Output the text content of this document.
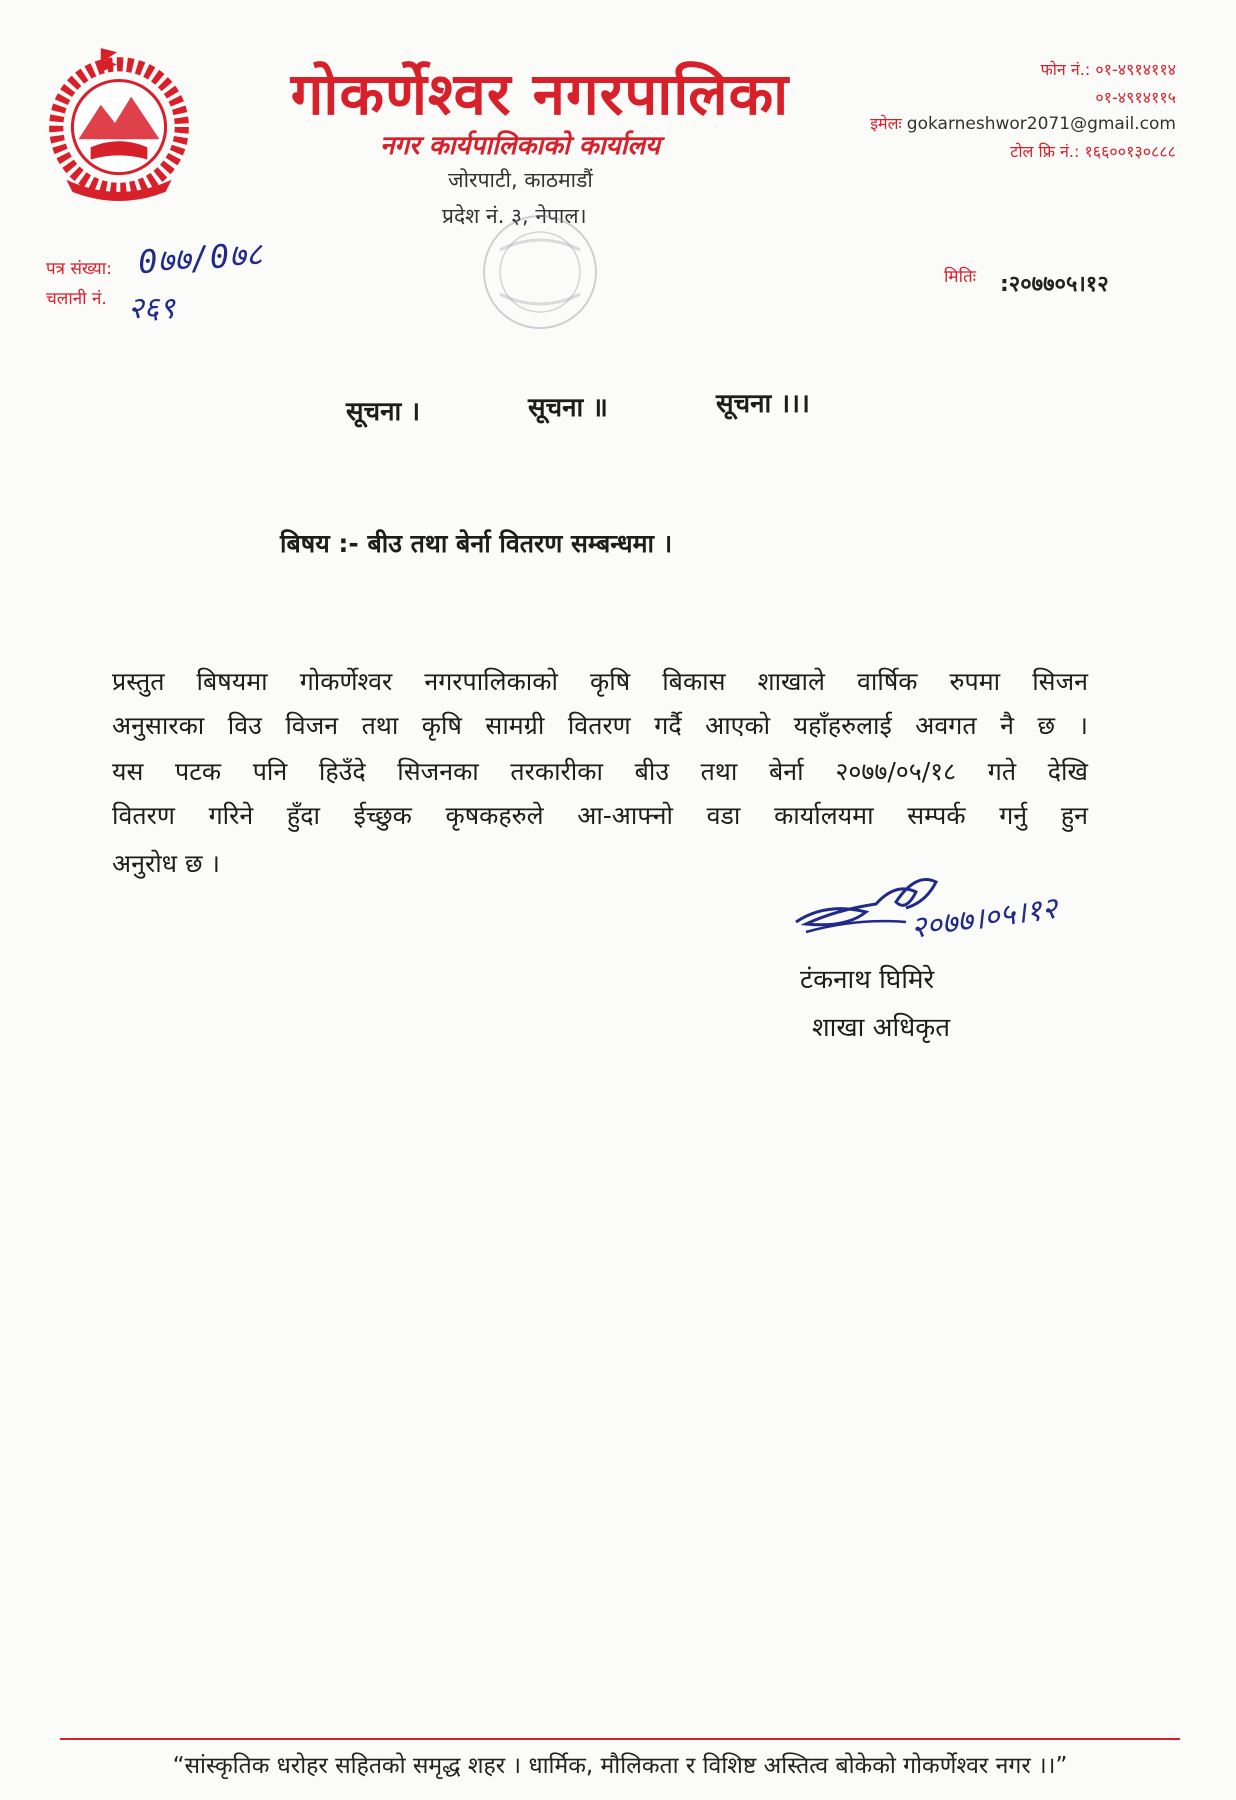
गोकर्णेश्वर नगरपालिका
नगर कार्यपालिकाको कार्यालय
जोरपाटी, काठमाडौं
प्रदेश नं. ३, नेपाल।
फोन नं.: ०१-४९१४११४
०१-४९१४११५
इमेलः gokarneshwor2071@gmail.com
टोल फ्रि नं.: १६६००१३०८८८
पत्र संख्या: 0७७/0७८
चलानी नं. २६९
मितिः :२०७७०५।१२
सूचना ।	सूचना ॥	सूचना ।।।
बिषय :- बीउ तथा बेर्ना वितरण सम्बन्धमा ।
प्रस्तुत बिषयमा गोकर्णेश्वर नगरपालिकाको कृषि बिकास शाखाले वार्षिक रुपमा सिजन
अनुसारका विउ विजन तथा कृषि सामग्री वितरण गर्दै आएको यहाँहरुलाई अवगत नै छ ।
यस पटक पनि हिउँदे सिजनका तरकारीका बीउ तथा बेर्ना २०७७/०५/१८ गते देखि
वितरण गरिने हुँदा ईच्छुक कृषकहरुले आ-आफ्नो वडा कार्यालयमा सम्पर्क गर्नु हुन
अनुरोध छ ।
२०७७।०५।१२
टंकनाथ घिमिरे
शाखा अधिकृत
“सांस्कृतिक धरोहर सहितको समृद्ध शहर । धार्मिक, मौलिकता र विशिष्ट अस्तित्व बोकेको गोकर्णेश्वर नगर ।।”
